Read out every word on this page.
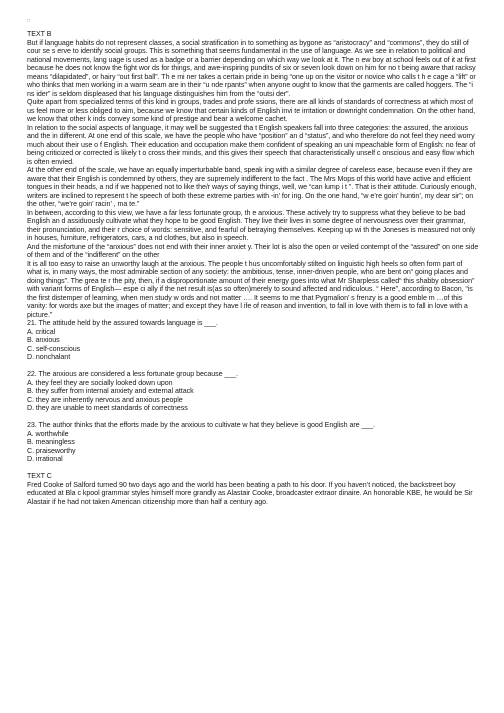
□

TEXT B

But if language habits do not represent classes, a social stratification in to something as bygone as “aristocracy” and “commons”, they do still of cour se s erve to identify social groups. This is something that seems fundamental in the use of language. As we see in relation to political and national movements, lang uage is used as a badge or a barrier depending on which way we look at it. The n ew boy at school feels out of it at first because he does not know the fight wor ds for things, and awe-inspiring pundits of six or seven look down on him for no t being aware that racksy means “dilapidated”, or hairy “out first ball”. Th e mi ner takes a certain pride in being “one up on the visitor or novice who calls t h e cage a “lift” or who thinks that men working in a warm seam are in their “u nde rpants” when anyone ought to know that the garments are called hoggers. The “i ns ider” is seldom displeased that his language distinguishes him from the “outsi der”.

Quite apart from specialized terms of this kind in groups, trades and profe ssions, there are all kinds of standards of correctness at which most of us feel more or less obliged to aim, because we know that certain kinds of English invi te irritation or downright condemnation. On the other hand, we know that other k inds convey some kind of prestige and bear a welcome cachet.

In relation to the social aspects of language, it may well be suggested tha t English speakers fall into three categories: the assured, the anxious and the in different. At one end of this scale, we have the people who have “position” an d “status”, and who therefore do not feel they need worry much about their use o f English. Their education and occupation make them confident of speaking an uni mpeachable form of English: no fear of being criticized or corrected is likely t o cross their minds, and this gives their speech that characteristically unself c onscious and easy flow which is often envied.

At the other end of the scale, we have an equally imperturbable band, speak ing with a similar degree of careless ease, because even if they are aware that their English is condemned by others, they are supremely indifferent to the fact . The Mrs Mops of this world have active and efficient tongues in their heads, a nd if we happened not to like the/r ways of saying things, well, we “can lump i t ”. That is their attitude. Curiously enough, writers are inclined to represent t he speech of both these extreme parties with -in’ for ing. On the one hand, “w e’re goin’ huntin’, my dear sir”; on the other, “we’re goin’ racin’ , ma te.”

In between, according to this view, we have a far less fortunate group, th e anxious. These actively try to suppress what they believe to be bad English an d assiduously cultivate what they hope to be good English. They live their lives in some degree of nervousness over their grammar, their pronunciation, and their r choice of words: sensitive, and fearful of betraying themselves. Keeping up wi th the Joneses is measured not only in houses, furniture, refrigerators, cars, a nd clothes, but also in speech.

And the misfortune of the “anxious” does not end with their inner anxiet y. Their lot is also the open or veiled contempt of the “assured” on one side of them and of the “indifferent” on the other

It is all too easy to raise an unworthy laugh at the anxious. The people t hus uncomfortably stilted on linguistic high heels so often form part of what is, in many ways, the most admirable section of any society: the ambitious, tense, inner-driven people, who are bent on“ going places and doing things”. The grea te r the pity, then, if a disproportionate amount of their energy goes into what Mr Sharpless called“ this shabby obsession” with variant forms of English— espe ci ally if the net result is(as so often)merely to sound affected and ridiculous. “ Here”, according to Bacon, “is the first distemper of learning, when men study w ords and not matter …. It seems to me that Pygmalion’ s frenzy is a good emble m …of this vanity: for words axe but the images of matter; and except they have l ife of reason and invention, to fall in love with them is to fall in love with a picture.”

21. The attitude held by the assured towards language is ___.

A. critical

B. anxious

C. self-conscious

D. nonchalant

22. The anxious are considered a less fortunate group because ___.

A. they feel they are socially looked down upon

B. they suffer from internal anxiety and external attack

C. they are inherently nervous and anxious people

D. they are unable to meet standards of correctness

23. The author thinks that the efforts made by the anxious to cultivate w hat they believe is good English are ___.

A. worthwhile

B. meaningless

C. praiseworthy

D. irrational

TEXT C

Fred Cooke of Salford turned 90 two days ago and the world has been beating a path to his door. If you haven’t noticed, the backstreet boy educated at Bla c kpool grammar styles himself more grandly as Alastair Cooke, broadcaster extraor dinaire. An honorable KBE, he would be Sir Alastair if he had not taken American citizenship more than half a century ago.
